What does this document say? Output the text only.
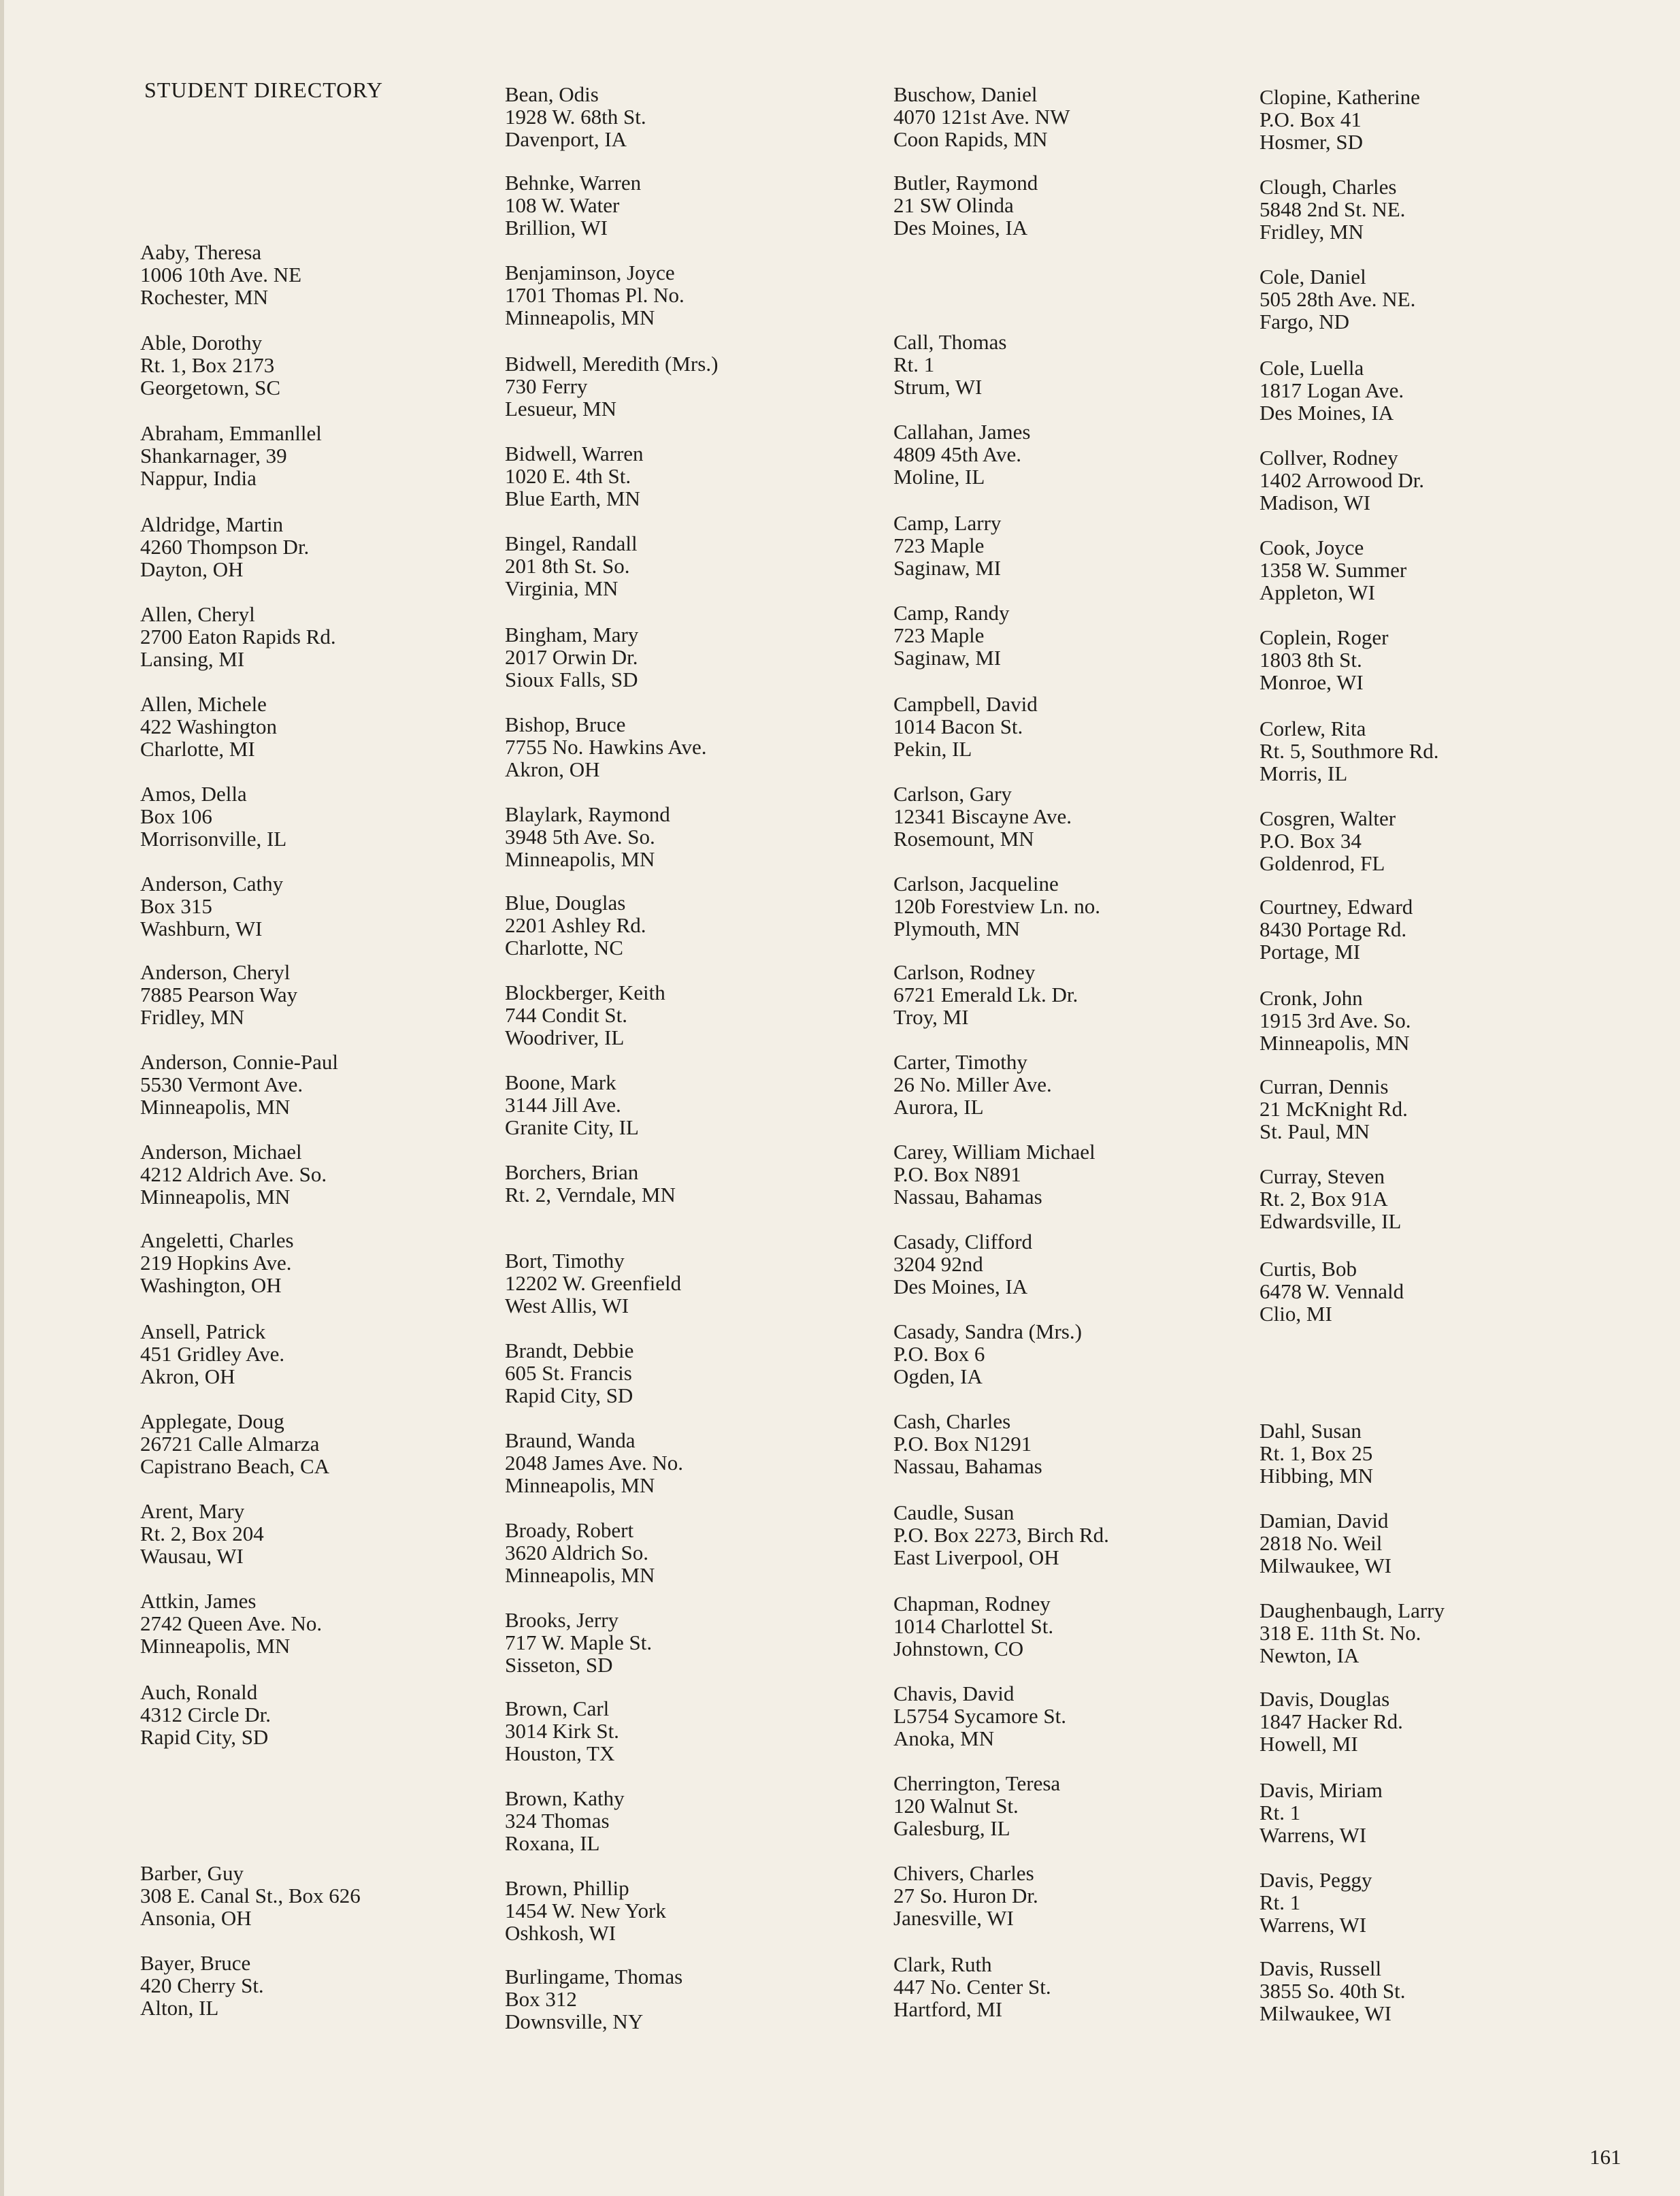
STUDENT DIRECTORY
Aaby, Theresa
1006 10th Ave. NE
Rochester, MN
Able, Dorothy
Rt. 1, Box 2173
Georgetown, SC
Abraham, Emmanllel
Shankarnager, 39
Nappur, India
Aldridge, Martin
4260 Thompson Dr.
Dayton, OH
Allen, Cheryl
2700 Eaton Rapids Rd.
Lansing, MI
Allen, Michele
422 Washington
Charlotte, MI
Amos, Della
Box 106
Morrisonville, IL
Anderson, Cathy
Box 315
Washburn, WI
Anderson, Cheryl
7885 Pearson Way
Fridley, MN
Anderson, Connie-Paul
5530 Vermont Ave.
Minneapolis, MN
Anderson, Michael
4212 Aldrich Ave. So.
Minneapolis, MN
Angeletti, Charles
219 Hopkins Ave.
Washington, OH
Ansell, Patrick
451 Gridley Ave.
Akron, OH
Applegate, Doug
26721 Calle Almarza
Capistrano Beach, CA
Arent, Mary
Rt. 2, Box 204
Wausau, WI
Attkin, James
2742 Queen Ave. No.
Minneapolis, MN
Auch, Ronald
4312 Circle Dr.
Rapid City, SD
Barber, Guy
308 E. Canal St., Box 626
Ansonia, OH
Bayer, Bruce
420 Cherry St.
Alton, IL
Bean, Odis
1928 W. 68th St.
Davenport, IA
Behnke, Warren
108 W. Water
Brillion, WI
Benjaminson, Joyce
1701 Thomas Pl. No.
Minneapolis, MN
Bidwell, Meredith (Mrs.)
730 Ferry
Lesueur, MN
Bidwell, Warren
1020 E. 4th St.
Blue Earth, MN
Bingel, Randall
201 8th St. So.
Virginia, MN
Bingham, Mary
2017 Orwin Dr.
Sioux Falls, SD
Bishop, Bruce
7755 No. Hawkins Ave.
Akron, OH
Blaylark, Raymond
3948 5th Ave. So.
Minneapolis, MN
Blue, Douglas
2201 Ashley Rd.
Charlotte, NC
Blockberger, Keith
744 Condit St.
Woodriver, IL
Boone, Mark
3144 Jill Ave.
Granite City, IL
Borchers, Brian
Rt. 2, Verndale, MN
Bort, Timothy
12202 W. Greenfield
West Allis, WI
Brandt, Debbie
605 St. Francis
Rapid City, SD
Braund, Wanda
2048 James Ave. No.
Minneapolis, MN
Broady, Robert
3620 Aldrich So.
Minneapolis, MN
Brooks, Jerry
717 W. Maple St.
Sisseton, SD
Brown, Carl
3014 Kirk St.
Houston, TX
Brown, Kathy
324 Thomas
Roxana, IL
Brown, Phillip
1454 W. New York
Oshkosh, WI
Burlingame, Thomas
Box 312
Downsville, NY
Buschow, Daniel
4070 121st Ave. NW
Coon Rapids, MN
Butler, Raymond
21 SW Olinda
Des Moines, IA
Call, Thomas
Rt. 1
Strum, WI
Callahan, James
4809 45th Ave.
Moline, IL
Camp, Larry
723 Maple
Saginaw, MI
Camp, Randy
723 Maple
Saginaw, MI
Campbell, David
1014 Bacon St.
Pekin, IL
Carlson, Gary
12341 Biscayne Ave.
Rosemount, MN
Carlson, Jacqueline
120b Forestview Ln. no.
Plymouth, MN
Carlson, Rodney
6721 Emerald Lk. Dr.
Troy, MI
Carter, Timothy
26 No. Miller Ave.
Aurora, IL
Carey, William Michael
P.O. Box N891
Nassau, Bahamas
Casady, Clifford
3204 92nd
Des Moines, IA
Casady, Sandra (Mrs.)
P.O. Box 6
Ogden, IA
Cash, Charles
P.O. Box N1291
Nassau, Bahamas
Caudle, Susan
P.O. Box 2273, Birch Rd.
East Liverpool, OH
Chapman, Rodney
1014 Charlottel St.
Johnstown, CO
Chavis, David
L5754 Sycamore St.
Anoka, MN
Cherrington, Teresa
120 Walnut St.
Galesburg, IL
Chivers, Charles
27 So. Huron Dr.
Janesville, WI
Clark, Ruth
447 No. Center St.
Hartford, MI
Clopine, Katherine
P.O. Box 41
Hosmer, SD
Clough, Charles
5848 2nd St. NE.
Fridley, MN
Cole, Daniel
505 28th Ave. NE.
Fargo, ND
Cole, Luella
1817 Logan Ave.
Des Moines, IA
Collver, Rodney
1402 Arrowood Dr.
Madison, WI
Cook, Joyce
1358 W. Summer
Appleton, WI
Coplein, Roger
1803 8th St.
Monroe, WI
Corlew, Rita
Rt. 5, Southmore Rd.
Morris, IL
Cosgren, Walter
P.O. Box 34
Goldenrod, FL
Courtney, Edward
8430 Portage Rd.
Portage, MI
Cronk, John
1915 3rd Ave. So.
Minneapolis, MN
Curran, Dennis
21 McKnight Rd.
St. Paul, MN
Curray, Steven
Rt. 2, Box 91A
Edwardsville, IL
Curtis, Bob
6478 W. Vennald
Clio, MI
Dahl, Susan
Rt. 1, Box 25
Hibbing, MN
Damian, David
2818 No. Weil
Milwaukee, WI
Daughenbaugh, Larry
318 E. 11th St. No.
Newton, IA
Davis, Douglas
1847 Hacker Rd.
Howell, MI
Davis, Miriam
Rt. 1
Warrens, WI
Davis, Peggy
Rt. 1
Warrens, WI
Davis, Russell
3855 So. 40th St.
Milwaukee, WI
161
